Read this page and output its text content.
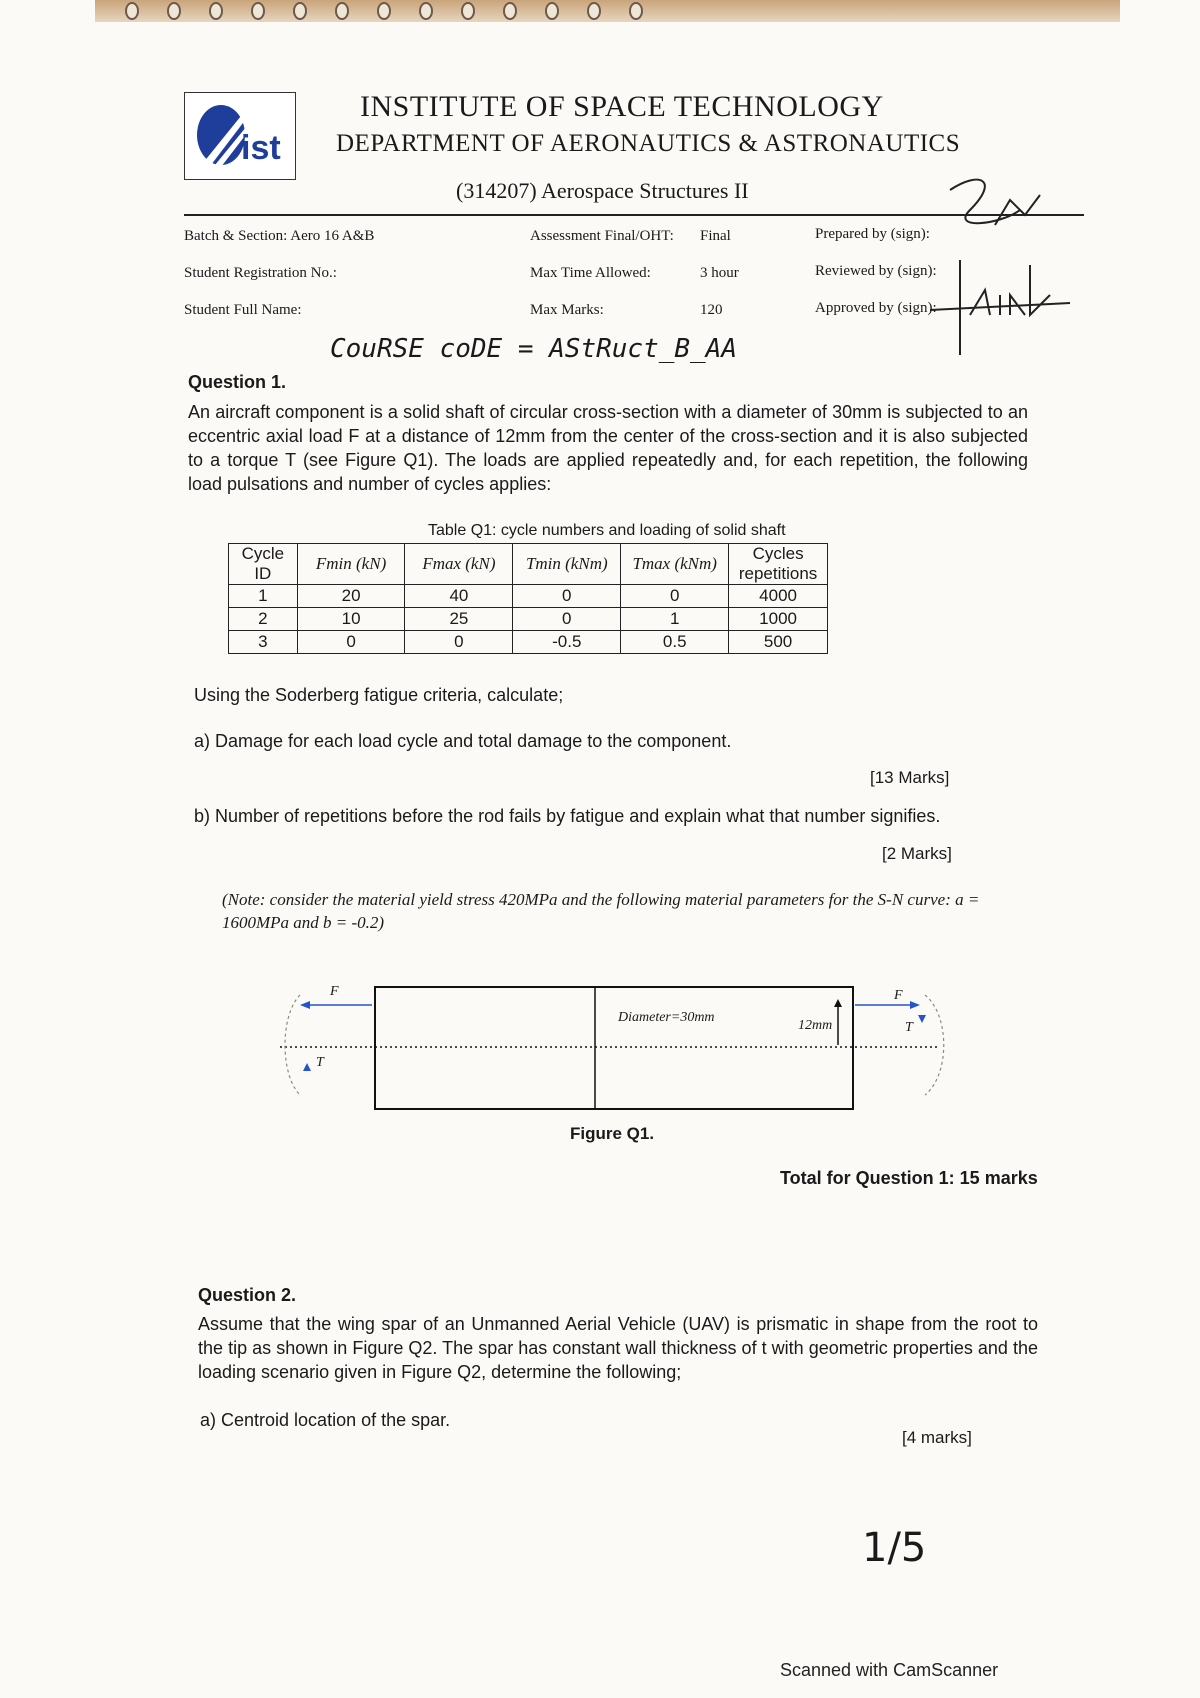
ist
INSTITUTE OF SPACE TECHNOLOGY
DEPARTMENT OF AERONAUTICS & ASTRONAUTICS
(314207) Aerospace Structures II
Batch & Section: Aero 16 A&B
Student Registration No.:
Student Full Name:
Assessment Final/OHT: Final
Max Time Allowed:	3 hour
Max Marks:	120
Prepared by (sign):
Reviewed by (sign):
Approved by (sign):
CouRSE coDE = AStRuct_B_AA
Question 1.
An aircraft component is a solid shaft of circular cross-section with a diameter of 30mm is subjected to an eccentric axial load F at a distance of 12mm from the center of the cross-section and it is also subjected to a torque T (see Figure Q1). The loads are applied repeatedly and, for each repetition, the following load pulsations and number of cycles applies:
Table Q1: cycle numbers and loading of solid shaft
Cycle ID	Fmin (kN)	Fmax (kN)	Tmin (kNm)	Tmax (kNm)	Cycles repetitions
1	20	40	0	0	4000
2	10	25	0	1	1000
3	0	0	-0.5	0.5	500
Using the Soderberg fatigue criteria, calculate;
a) Damage for each load cycle and total damage to the component.
[13 Marks]
b) Number of repetitions before the rod fails by fatigue and explain what that number signifies.
[2 Marks]
(Note: consider the material yield stress 420MPa and the following material parameters for the S-N curve: a = 1600MPa and b = -0.2)
Diameter=30mm
12mm
F	F
T
T
Figure Q1.
Total for Question 1: 15 marks
Question 2.
Assume that the wing spar of an Unmanned Aerial Vehicle (UAV) is prismatic in shape from the root to the tip as shown in Figure Q2. The spar has constant wall thickness of t with geometric properties and the loading scenario given in Figure Q2, determine the following;
a) Centroid location of the spar.
[4 marks]
1/5
Scanned with CamScanner
